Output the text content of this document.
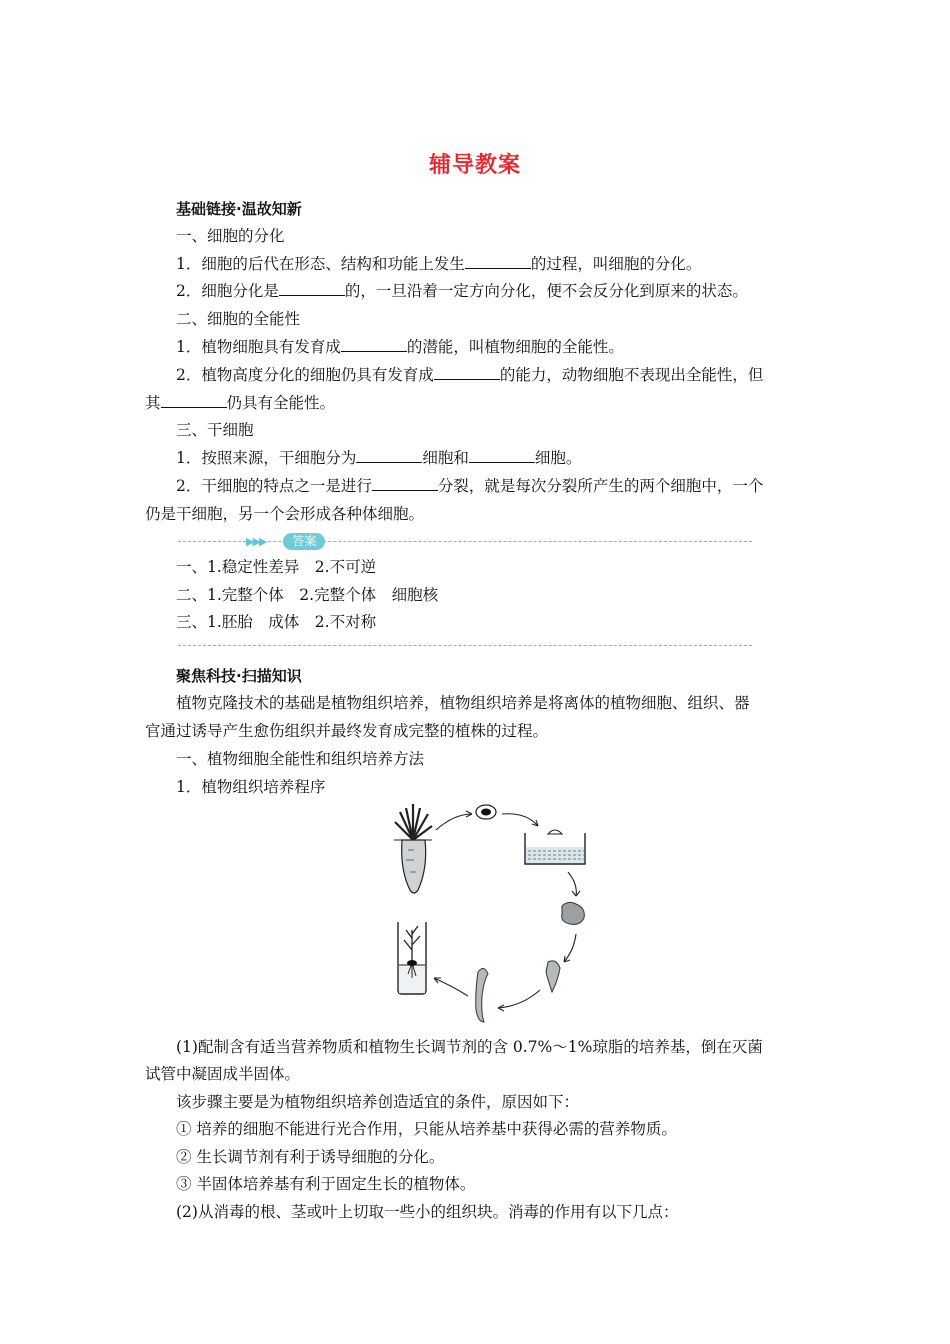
辅导教案
基础链接·温故知新
一、细胞的分化
1．细胞的后代在形态、结构和功能上发生	的过程，叫细胞的分化。
2．细胞分化是	的，一旦沿着一定方向分化，便不会反分化到原来的状态。
二、细胞的全能性
1．植物细胞具有发育成	的潜能，叫植物细胞的全能性。
2．植物高度分化的细胞仍具有发育成	的能力，动物细胞不表现出全能性，但
其	仍具有全能性。
三、干细胞
1．按照来源，干细胞分为	细胞和	细胞。
2．干细胞的特点之一是进行	分裂，就是每次分裂所产生的两个细胞中，一个
仍是干细胞，另一个会形成各种体细胞。
▶▶▶	答案
一、1.稳定性差异　2.不可逆
二、1.完整个体　2.完整个体　细胞核
三、1.胚胎　成体　2.不对称
聚焦科技·扫描知识
植物克隆技术的基础是植物组织培养，植物组织培养是将离体的植物细胞、组织、器
官通过诱导产生愈伤组织并最终发育成完整的植株的过程。
一、植物细胞全能性和组织培养方法
1．植物组织培养程序
(1)配制含有适当营养物质和植物生长调节剂的含 0.7%～1%琼脂的培养基，倒在灭菌
试管中凝固成半固体。
该步骤主要是为植物组织培养创造适宜的条件，原因如下：
① 培养的细胞不能进行光合作用，只能从培养基中获得必需的营养物质。
② 生长调节剂有利于诱导细胞的分化。
③ 半固体培养基有利于固定生长的植物体。
(2)从消毒的根、茎或叶上切取一些小的组织块。消毒的作用有以下几点：
